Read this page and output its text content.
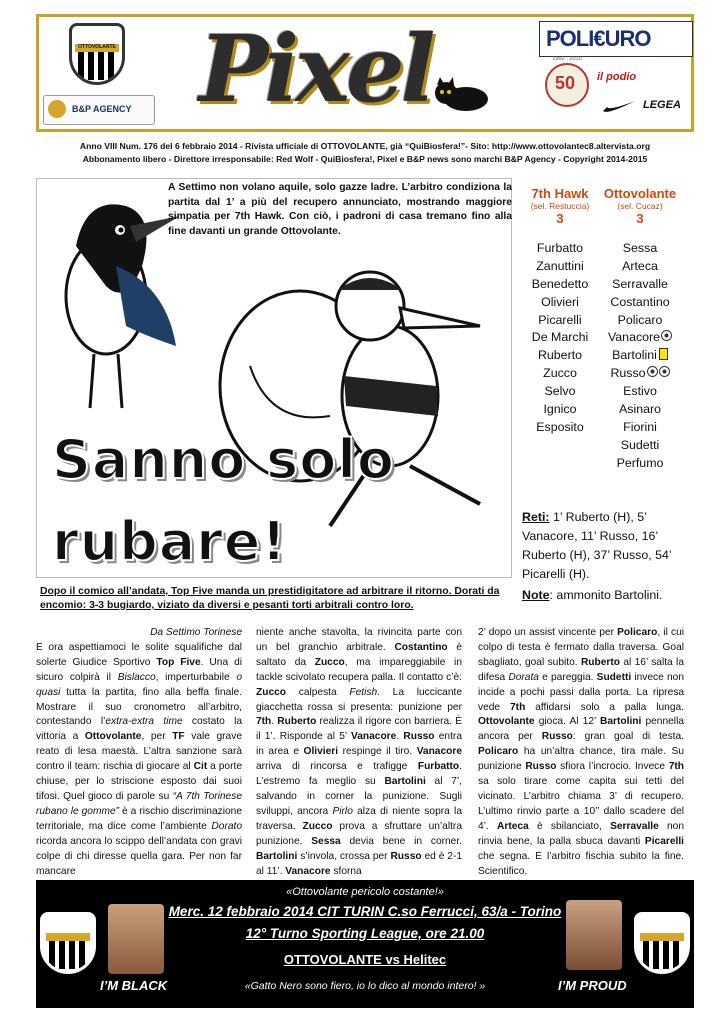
OTTOVOLANTE
B&P AGENCY Pixel	POLI€URO
50
1960 · 2010
il podio
LEGEA
Anno VIII Num. 176 del 6 febbraio 2014 - Rivista ufficiale di OTTOVOLANTE, già “QuiBiosfera!”- Sito: http://www.ottovolantec8.altervista.org
Abbonamento libero - Direttore irresponsabile: Red Wolf - QuiBiosfera!, Pixel e B&P news sono marchi B&P Agency - Copyright 2014-2015
A Settimo non volano aquile, solo gazze ladre. L’arbitro condiziona la partita dal 1’ a più del recupero annunciato, mostrando maggiore simpatia per 7th Hawk. Con ciò, i padroni di casa tremano fino alla fine davanti un grande Ottovolante.
Sanno solo
rubare!
Dopo il comico all’andata, Top Five manda un prestidigitatore ad arbitrare il ritorno. Dorati da encomio: 3-3 bugiardo, viziato da diversi e pesanti torti arbitrali contro loro.
7th Hawk
(sel. Restuccia)
3
Furbatto
Zanuttini
Benedetto
Olivieri
Picarelli
De Marchi
Ruberto
Zucco
Selvo
Ignico
Esposito
Ottovolante
(sel. Cucaz)
3
Sessa
Arteca
Serravalle
Costantino
Policaro
Vanacore
Bartolini
Russo
Estivo
Asinaro
Fiorini
Sudetti
Perfumo
Reti: 1’ Ruberto (H), 5’ Vanacore, 11’ Russo, 16’ Ruberto (H), 37’ Russo, 54’ Picarelli (H).
Note: ammonito Bartolini.
Da Settimo Torinese
E ora aspettiamoci le solite squalifiche dal solerte Giudice Sportivo Top Five. Una di sicuro colpirà il Bislacco, imperturbabile o quasi tutta la partita, fino alla beffa finale. Mostrare il suo cronometro all’arbitro, contestando l’extra-extra time costato la vittoria a Ottovolante, per TF vale grave reato di lesa maestà. L’altra sanzione sarà contro il team: rischia di giocare al Cit a porte chiuse, per lo striscione esposto dai suoi tifosi. Quel gioco di parole su “A 7th Torinese rubano le gomme” è a rischio discriminazione territoriale, ma dice come l’ambiente Dorato ricorda ancora lo scippo dell’andata con gravi colpe di chi diresse quella gara. Per non far mancare
niente anche stavolta, la rivincita parte con un bel granchio arbitrale. Costantino è saltato da Zucco, ma impareggiabile in tackle scivolato recupera palla. Il contatto c’è: Zucco calpesta Fetish. La luccicante giacchetta rossa si presenta: punizione per 7th. Ruberto realizza il rigore con barriera. È il 1’. Risponde al 5’ Vanacore. Russo entra in area e Olivieri respinge il tiro. Vanacore arriva di rincorsa e trafigge Furbatto. L’estremo fa meglio su Bartolini al 7’, salvando in corner la punizione. Sugli sviluppi, ancora Pirlo alza di niente sopra la traversa. Zucco prova a sfruttare un’altra punizione. Sessa devia bene in corner. Bartolini s’invola, crossa per Russo ed è 2-1 al 11’. Vanacore sforna
2’ dopo un assist vincente per Policaro, il cui colpo di testa è fermato dalla traversa. Goal sbagliato, goal subito. Ruberto al 16’ salta la difesa Dorata e pareggia. Sudetti invece non incide a pochi passi dalla porta. La ripresa vede 7th affidarsi solo a palla lunga. Ottovolante gioca. Al 12’ Bartolini pennella ancora per Russo: gran goal di testa. Policaro ha un’altra chance, tira male. Su punizione Russo sfiora l’incrocio. Invece 7th sa solo tirare come capita sui tetti del vicinato. L’arbitro chiama 3’ di recupero. L’ultimo rinvio parte a 10’’ dallo scadere del 4’. Arteca è sbilanciato, Serravalle non rinvia bene, la palla sbuca davanti Picarelli che segna. E l’arbitro fischia subito la fine. Scientifico.
I’M BLACK
«Ottovolante pericolo costante!»
Merc. 12 febbraio 2014 CIT TURIN C.so Ferrucci, 63/a - Torino
12° Turno Sporting League, ore 21.00
OTTOVOLANTE vs Helitec
«Gatto Nero sono fiero, io lo dico al mondo intero! »	I’M PROUD
